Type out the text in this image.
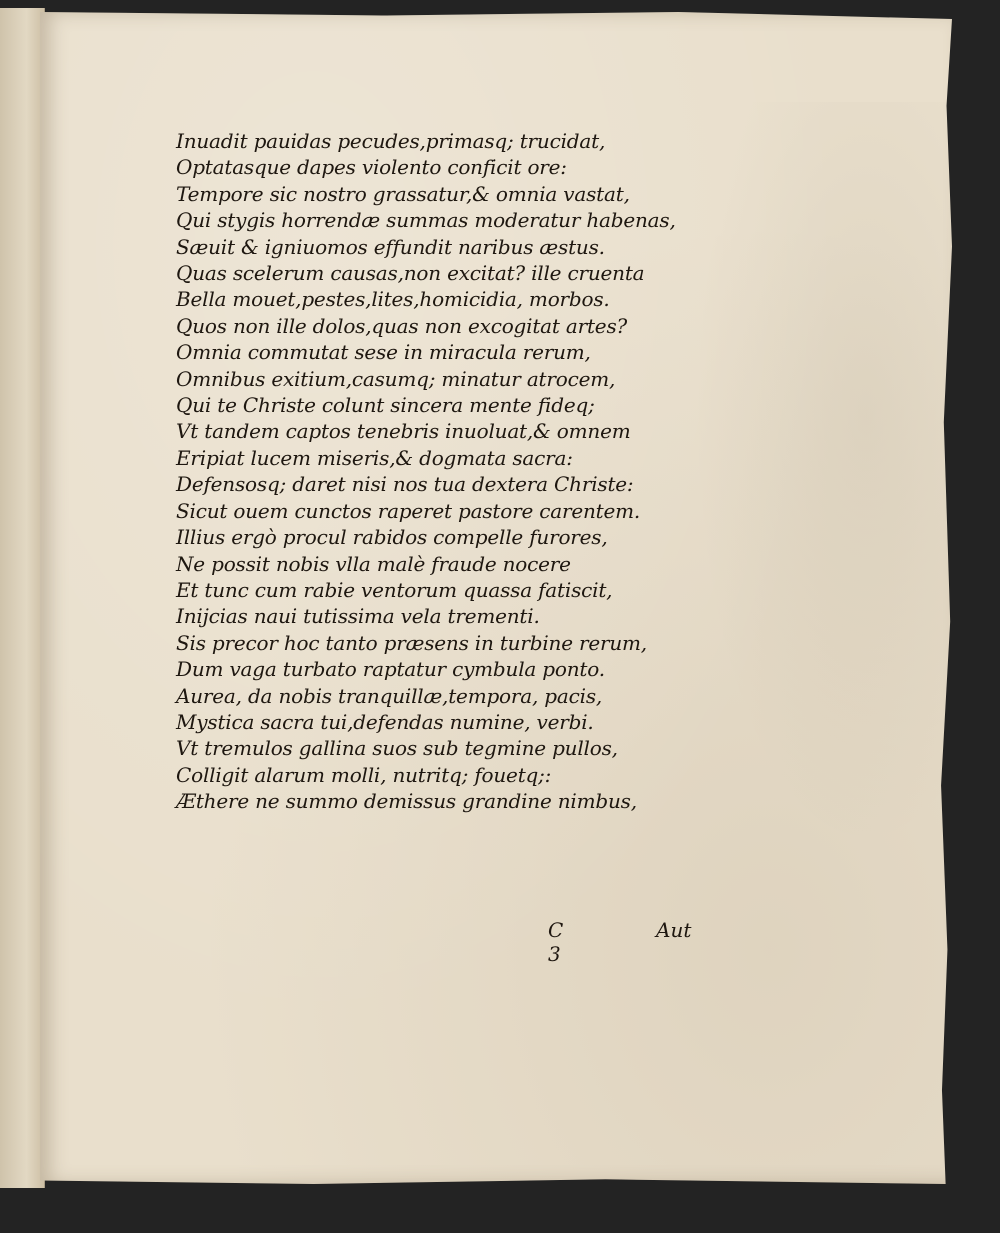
Inuadit pauidas pecudes,primasq; trucidat,
Optatasque dapes violento conficit ore:
Tempore sic nostro grassatur,& omnia vastat,
Qui stygis horrendæ summas moderatur habenas,
Sæuit & igniuomos effundit naribus æstus.
Quas scelerum causas,non excitat? ille cruenta
Bella mouet,pestes,lites,homicidia, morbos.
Quos non ille dolos,quas non excogitat artes?
Omnia commutat sese in miracula rerum,
Omnibus exitium,casumq; minatur atrocem,
Qui te Christe colunt sincera mente fideq;
Vt tandem captos tenebris inuoluat,& omnem
Eripiat lucem miseris,& dogmata sacra:
Defensosq; daret nisi nos tua dextera Christe:
Sicut ouem cunctos raperet pastore carentem.
Illius ergò procul rabidos compelle furores,
Ne possit nobis vlla malè fraude nocere
Et tunc cum rabie ventorum quassa fatiscit,
Inijcias naui tutissima vela trementi.
Sis precor hoc tanto præsens in turbine rerum,
Dum vaga turbato raptatur cymbula ponto.
Aurea, da nobis tranquillæ,tempora, pacis,
Mystica sacra tui,defendas numine, verbi.
Vt tremulos gallina suos sub tegmine pullos,
Colligit alarum molli, nutritq; fouetq;:
Æthere ne summo demissus grandine nimbus,
C 3
Aut
